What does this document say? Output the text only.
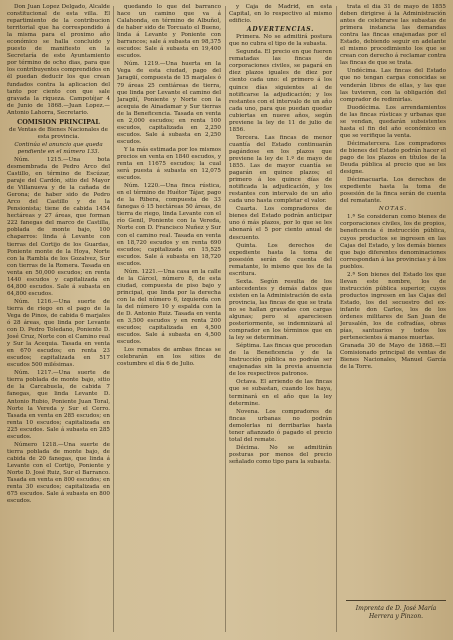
Don Juan Lopez Delgado, Alcalde constitucional de esta villa. El repartimiento de la contribucion territorial que ha correspondido á la misma para el proximo año económico se halla concluido y puesto de manifiesto en la Secretaría de este Ayuntamiento por término de ocho dias, para que los contribuyentes comprendidos en él puedan deducir los que crean fundados contra la aplicacion del tanto por ciento con que sale gravada la riqueza. Campotéjar 4 de Junio de 1868.—Juan Lopez.—Antonio Lahorra, Secretario.

COMISION PRINCIPAL

de Ventas de Bienes Nacionales de esta provincia.

Continúa el anuncio que queda pendiente en el número 133.

Núm. 1215.—Una bota desmembrada de Pedro Arco del Castillo, en término de Escúzar, paraje del Cardón, sitio del Mayor de Villanueva y de la cañada de Gerona; de haber sido de Pedro Arco del Castillo y de la Pensionista; tiene de cabida 1454 hectáreas y 27 áreas, que forman 222 fanegas del marco de Castilla, poblada de monte bajo, 100 chaparros: linda á Levante con tierras del Cortijo de los Guardas, Poniente monte de la Hoya, Norte con la Rambla de los Gozalvez, Sur con tierras de la Romera. Tasada en venta en 50,000 escudos; en renta 1440 escudos y capitalizada en 64,800 escudos. Sale á subasta en 64,800 escudos.

Núm. 1216.—Una suerte de tierra de riego en el pago de la Vega de Pinos, de cabida 6 marjales ó 28 áreas, que linda por Levante con D. Pedro Toledano, Poniente D. José Cruz, Norte con el Camino real y Sur la Acequia. Tasada en venta en 670 escudos; en renta 23 escudos; capitalizada en 517 escudos 500 milésimas.

Núm. 1217.—Una suerte de tierra poblada de monte bajo, sitio de la Carcabuela, de cabida 7 fanegas, que linda Levante D. Antonio Rubio, Poniente Juan Toral, Norte la Vereda y Sur el Cerro. Tasada en venta en 285 escudos; en renta 10 escudos; capitalizada en 225 escudos. Sale á subasta en 285 escudos.

Número 1218.—Una suerte de tierra poblada de monte bajo, de cabida de 20 fanegas, que linda á Levante con el Cortijo, Poniente y Norte D. José Ruiz, Sur el Barranco. Tasada en venta en 800 escudos; en renta 30 escudos; capitalizada en 675 escudos. Sale á subasta en 800 escudos.

quedando lo que del barranco hace un camino que va á Calahonda, en término de Albuñol, de haber sido de Torcuato el Bueno, linda á Levante y Poniente con barrancos; sale á subasta en 98,375 escudos: Sale á subasta en 19,400 escudos.

Núm. 1219.—Una huerta en la Vega de esta ciudad, pago del Jaragüí, compuesta de 15 marjales ó 79 áreas 25 centiáreas de tierra, que linda por Levante el camino del Jaragüí, Poniente y Norte con la acequia de Ainadamar y Sur tierras de la Beneficencia. Tasada en venta en 2,000 escudos; en renta 100 escudos, capitalizada en 2,250 escudos. Sale á subasta en 2,250 escudos.

Y la más estimada por los mismos precios en venta en 1840 escudos, y renta en 11675 escudos; la cual será puesta á subasta en 12,075 escudos.

Núm. 1220.—Una finca rústica, en el término de Huétor Tájar, pago de la Ribera, compuesta de 33 fanegas ó 15 hectáreas 50 áreas, de tierra de riego, linda Levante con el río Genil, Poniente con la Vereda, Norte con D. Francisco Nuñez y Sur con el camino real. Tasada en venta en 18,720 escudos y en renta 690 escudos; capitalizada en 15,525 escudos. Sale á subasta en 18,720 escudos.

Núm. 1221.—Una casa en la calle de la Cárcel, número 8, de esta ciudad, compuesta de piso bajo y principal, que linda por la derecha con la del número 6, izquierda con la del número 10 y espalda con la de D. Antonio Ruiz. Tasada en venta en 3,500 escudos y en renta 200 escudos; capitalizada en 4,500 escudos. Sale á subasta en 4,500 escudos.

Los remates de ambas fincas se celebrarán en los sitios de costumbre el día 6 de Julio.

y Caja de Madrid, en esta Capital, en lo respectivo al mismo edificio.

ADVERTENCIAS.

Primera. No se admitirá postura que no cubra el tipo de la subasta.

Segunda. El precio en que fueren rematadas las fincas de corporaciones civiles, se pagará en diez plazos iguales de diez por ciento cada uno: el primero á los quince días siguientes al de notificarse la adjudicación; y los restantes con el intervalo de un año cada uno, para que puedan quedar cubiertas en nueve años, según previene la ley de 11 de julio de 1856.

Tercera. Las fincas de menor cuantía del Estado continuarán pagándose en los plazos que previene la ley de 1.º de mayo de 1855. Las de mayor cuantía se pagarán en quince plazos; el primero á los quince días de notificada la adjudicación, y los restantes con intervalo de un año cada uno hasta completar el valor.

Cuarta. Los compradores de bienes del Estado podrán anticipar uno ó más plazos, por lo que se les abonará el 5 por ciento anual de descuento.

Quinta. Los derechos de expediente hasta la toma de posesión serán de cuenta del rematante, lo mismo que los de la escritura.

Sexta. Según resulta de los antecedentes y demás datos que existen en la Administración de esta provincia, las fincas de que se trata no se hallan gravadas con cargas algunas; pero si apareciesen posteriormente, se indemnizará al comprador en los términos que en la ley se determinan.

Séptima. Las fincas que procedan de la Beneficencia y de la Instrucción pública no podrán ser enajenadas sin la previa anuencia de los respectivos patronos.

Octava. El arriendo de las fincas que se subastan, cuando los haya, terminará en el año que la ley determine.

Novena. Los compradores de fincas urbanas no podrán demolerlas ni derribarlas hasta tener afianzado ó pagado el precio total del remate.

Décima. No se admitirán posturas por menos del precio señalado como tipo para la subasta.

trata el día 31 de mayo de 1855 deben dirigirse á la Administración antes de celebrarse las subastas de primera instancia las demandas contra las fincas enajenadas por el Estado, debiendo seguir en adelante el mismo procedimiento los que se crean con derecho á reclamar contra las fincas de que se trata.

Undécima. Las fincas del Estado que no tengan cargas conocidas se venderán libres de ellas, y las que las tuvieren, con la obligación del comprador de redimirlas.

Duodécima. Los arrendamientos de las fincas rústicas y urbanas que se vendan, quedarán subsistentes hasta el fin del año económico en que se verifique la venta.

Décimatercera. Los compradores de bienes del Estado podrán hacer el pago de los plazos en títulos de la Deuda pública al precio que se les designe.

Décimacuarta. Los derechos de expediente hasta la toma de posesión de la finca serán de cuenta del rematante.

NOTAS.

1.ª Se consideran como bienes de corporaciones civiles, los de propios, beneficencia é instrucción pública, cuyos productos se ingresen en las Cajas del Estado, y los demás bienes que bajo diferentes denominaciones correspondan á las provincias y á los pueblos.

2.ª Son bienes del Estado los que llevan este nombre, los de instrucción pública superior, cuyos productos ingresen en las Cajas del Estado, los del secuestro del ex-infante don Carlos, los de los órdenes militares de San Juan de Jerusalén, los de cofradías, obras pías, santuarios y todos los pertenecientes á manos muertas.

Granada 30 de Mayo de 1868.—El Comisionado principal de ventas de Bienes Nacionales, Manuel García de la Torre.

Imprenta de D. José María
Herrera y Pinzon.
